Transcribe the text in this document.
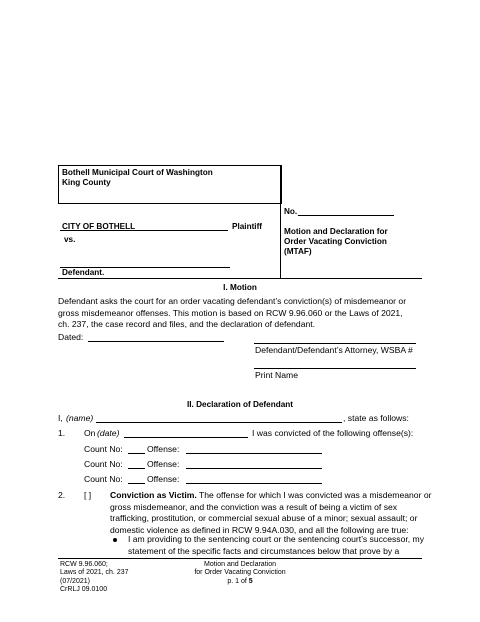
Bothell Municipal Court of Washington
King County
CITY OF BOTHELL	Plaintiff
vs.
Defendant.
No.
Motion and Declaration for
Order Vacating Conviction
(MTAF)
I. Motion
Defendant asks the court for an order vacating defendant’s conviction(s) of misdemeanor or
gross misdemeanor offenses. This motion is based on RCW 9.96.060 or the Laws of 2021,
ch. 237, the case record and files, and the declaration of defendant.
Dated:
Defendant/Defendant’s Attorney, WSBA #
Print Name
II. Declaration of Defendant
I, (name)	, state as follows:
1. On (date)	I was convicted of the following offense(s):
Count No:	Offense:
Count No:	Offense:
Count No:	Offense:
2. [ ] Conviction as Victim. The offense for which I was convicted was a misdemeanor or
gross misdemeanor, and the conviction was a result of being a victim of sex
trafficking, prostitution, or commercial sexual abuse of a minor; sexual assault; or
domestic violence as defined in RCW 9.94A.030, and all the following are true:
I am providing to the sentencing court or the sentencing court’s successor, my
statement of the specific facts and circumstances below that prove by a
RCW 9.96.060;
Laws of 2021, ch. 237
(07/2021)
CrRLJ 09.0100
Motion and Declaration
for Order Vacating Conviction
p. 1 of 5
